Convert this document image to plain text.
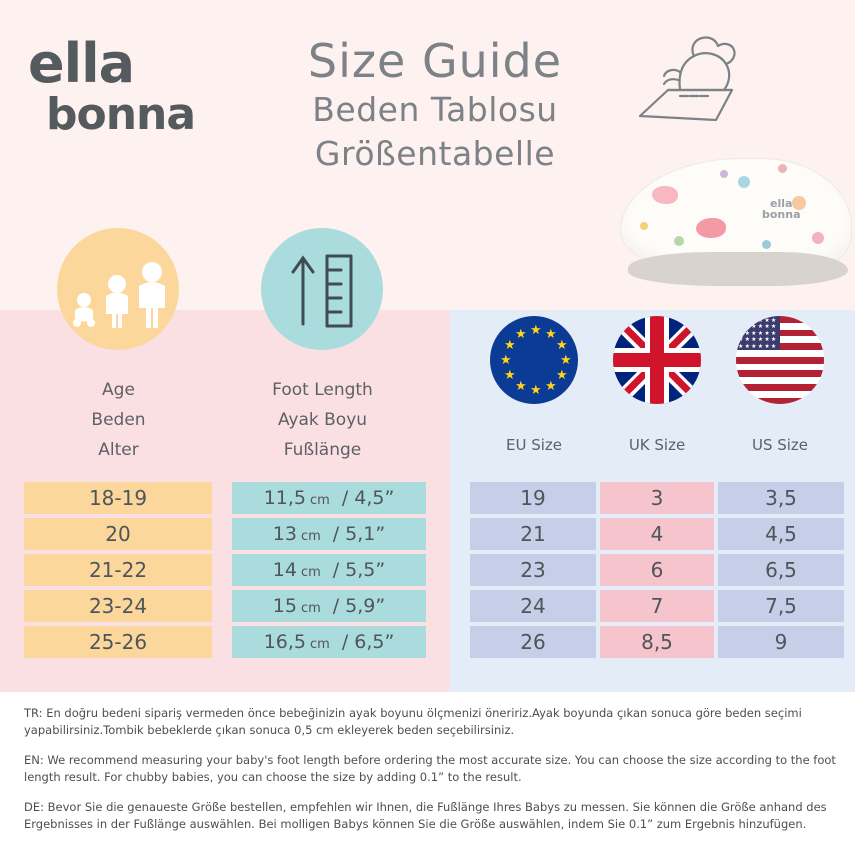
ella
bonna
Size Guide
Beden Tablosu
Größentabelle
ella
bonna
Age
Beden
Alter
Foot Length
Ayak Boyu
Fußlänge
★ ★
★
★
★
★
★
★
★
★
★
★
★★★★★★
★★★★★★
★★★★★★
★★★★★★
★★★★★★
EU Size	UK Size	US Size
18-19	11,5 cm / 4,5”	19	3	3,5
20	13 cm / 5,1”	21	4	4,5
21-22	14 cm / 5,5”	23	6	6,5
23-24	15 cm / 5,9”	24	7	7,5
25-26	16,5 cm / 6,5”	26	8,5	9
TR: En doğru bedeni sipariş vermeden önce bebeğinizin ayak boyunu ölçmenizi öneririz.Ayak boyunda çıkan sonuca göre beden seçimi yapabilirsiniz.Tombik bebeklerde çıkan sonuca 0,5 cm ekleyerek beden seçebilirsiniz.
EN: We recommend measuring your baby's foot length before ordering the most accurate size. You can choose the size according to the foot length result. For chubby babies, you can choose the size by adding 0.1” to the result.
DE: Bevor Sie die genaueste Größe bestellen, empfehlen wir Ihnen, die Fußlänge Ihres Babys zu messen. Sie können die Größe anhand des Ergebnisses in der Fußlänge auswählen. Bei molligen Babys können Sie die Größe auswählen, indem Sie 0.1” zum Ergebnis hinzufügen.
